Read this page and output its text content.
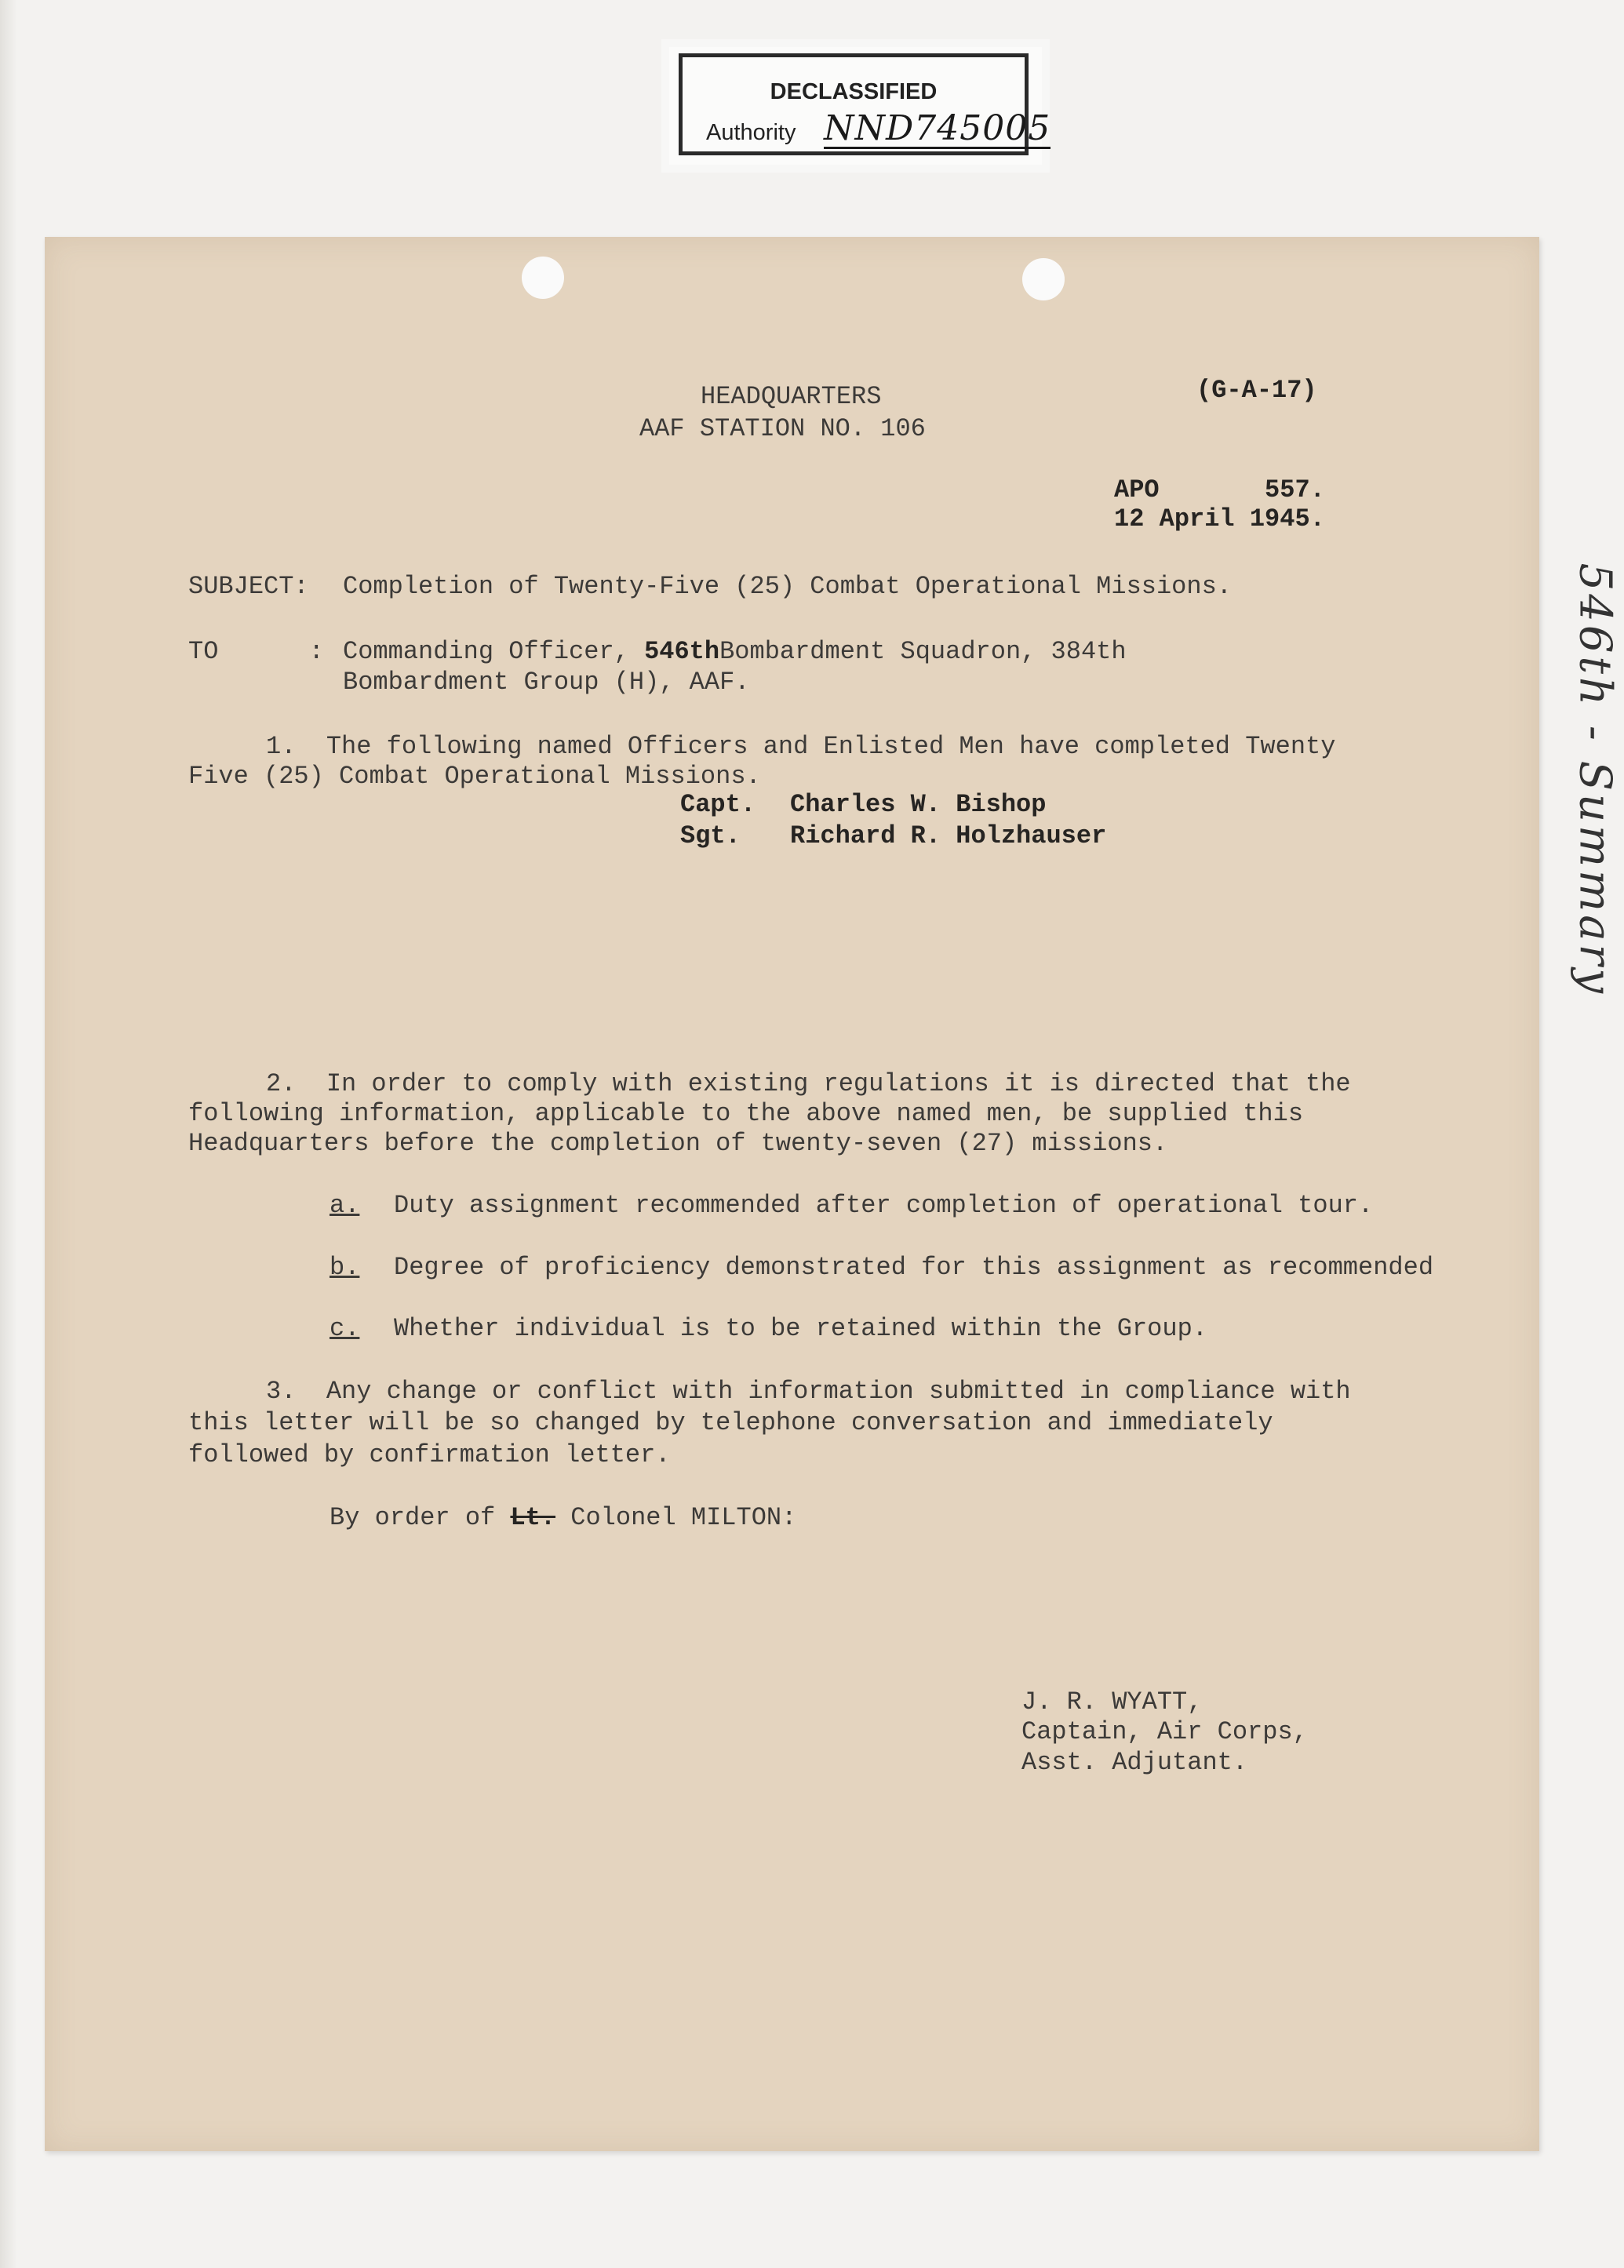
DECLASSIFIED
Authority NND745005
HEADQUARTERS
AAF STATION NO. 106
(G-A-17)
APO       557.
12 April 1945.
SUBJECT: Completion of Twenty-Five (25) Combat Operational Missions.
TO      : Commanding Officer, 546thBombardment Squadron, 384th
Bombardment Group (H), AAF.
1.  The following named Officers and Enlisted Men have completed Twenty
Five (25) Combat Operational Missions.
Capt. Charles W. Bishop
Sgt. Richard R. Holzhauser
2.  In order to comply with existing regulations it is directed that the
following information, applicable to the above named men, be supplied this
Headquarters before the completion of twenty-seven (27) missions.
a. Duty assignment recommended after completion of operational tour.
b. Degree of proficiency demonstrated for this assignment as recommended
c. Whether individual is to be retained within the Group.
3.  Any change or conflict with information submitted in compliance with
this letter will be so changed by telephone conversation and immediately
followed by confirmation letter.
By order of Lt. Colonel MILTON:
J. R. WYATT,
Captain, Air Corps,
Asst. Adjutant.
546th - Summary
